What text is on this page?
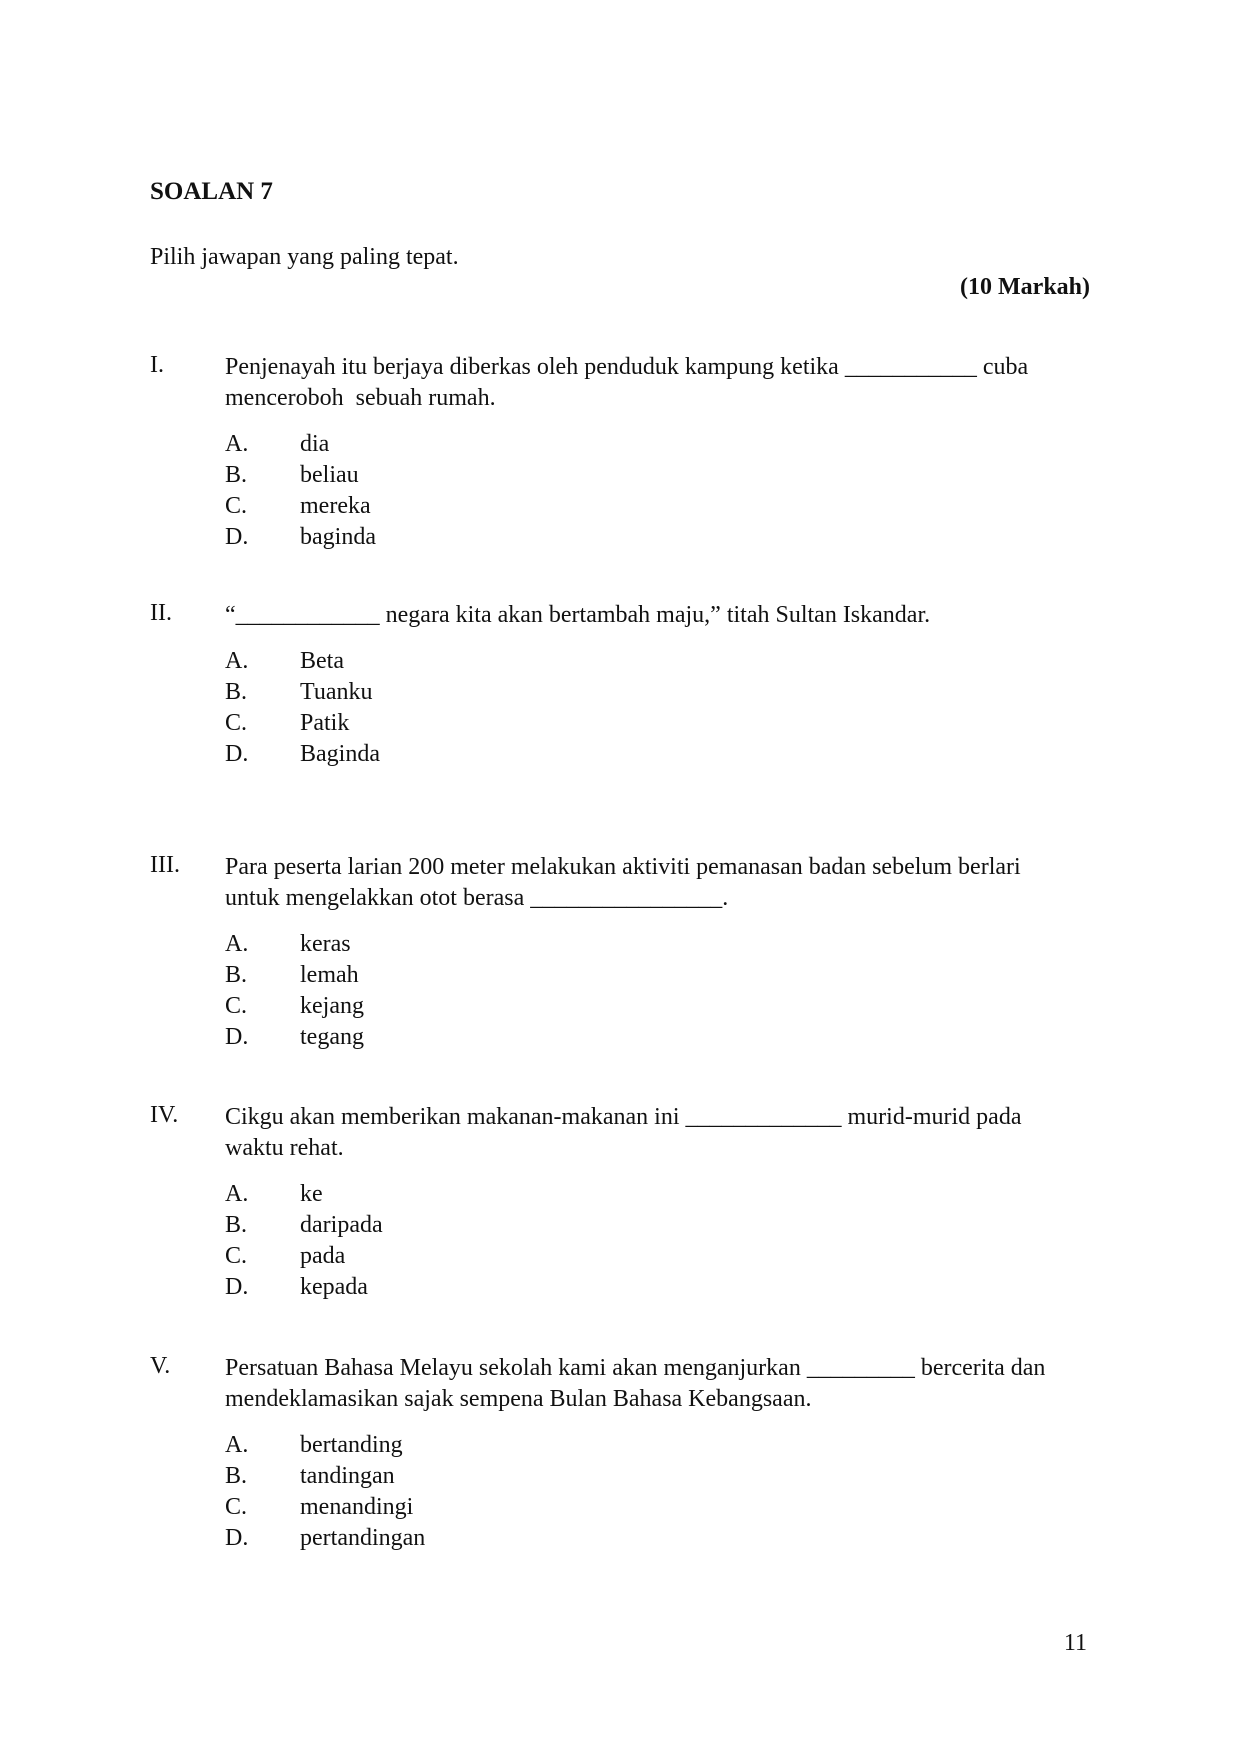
SOALAN 7
Pilih jawapan yang paling tepat.
(10 Markah)
I.	Penjenayah itu berjaya diberkas oleh penduduk kampung ketika ___________ cuba
menceroboh  sebuah rumah.
A. dia
B. beliau
C. mereka
D. baginda
II. “____________ negara kita akan bertambah maju,” titah Sultan Iskandar.
A. Beta
B. Tuanku
C. Patik
D. Baginda
III. Para peserta larian 200 meter melakukan aktiviti pemanasan badan sebelum berlari
untuk mengelakkan otot berasa ________________.
A. keras
B. lemah
C. kejang
D. tegang
IV. Cikgu akan memberikan makanan-makanan ini _____________ murid-murid pada
waktu rehat.
A. ke
B. daripada
C. pada
D. kepada
V. Persatuan Bahasa Melayu sekolah kami akan menganjurkan _________ bercerita dan
mendeklamasikan sajak sempena Bulan Bahasa Kebangsaan.
A. bertanding
B. tandingan
C. menandingi
D. pertandingan
11
